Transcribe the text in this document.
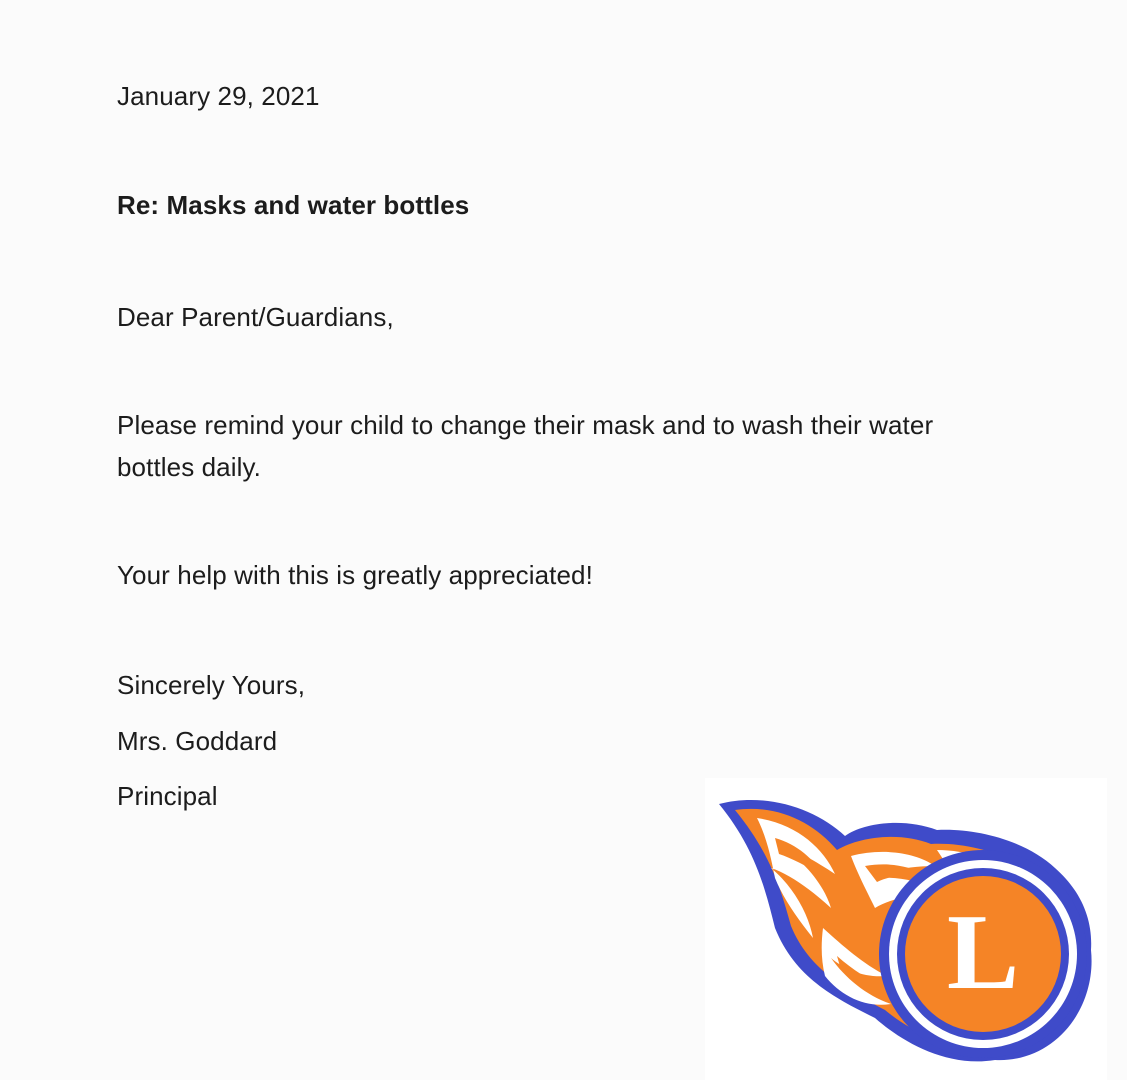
January 29, 2021
Re: Masks and water bottles
Dear Parent/Guardians,
Please remind your child to change their mask and to wash their water bottles daily.
Your help with this is greatly appreciated!
Sincerely Yours,
Mrs. Goddard
Principal
L
